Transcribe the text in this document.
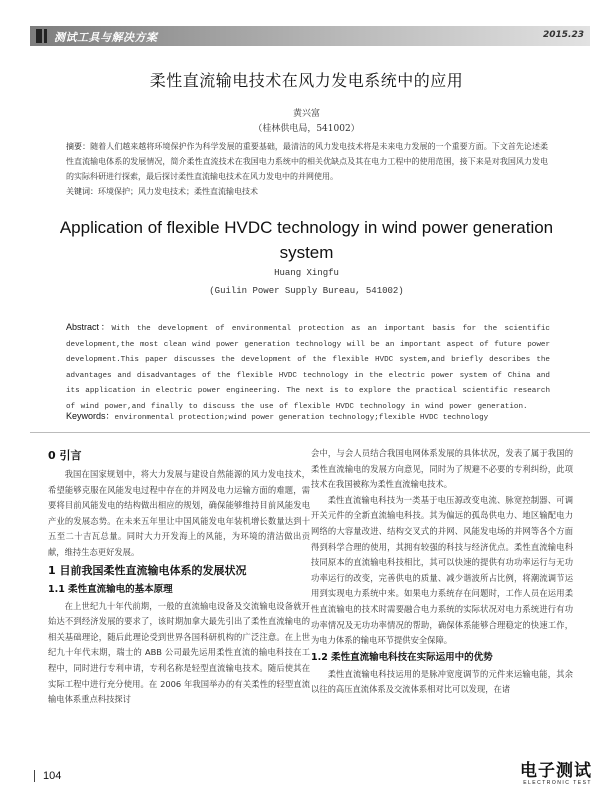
测试工具与解决方案	2015.23
柔性直流输电技术在风力发电系统中的应用
黄兴富
（桂林供电局，541002）
摘要：随着人们越来越将环境保护作为科学发展的重要基础，最清洁的风力发电技术将是未来电力发展的一个重要方面。下文首先论述柔性直流输电体系的发展情况，简介柔性直流技术在我国电力系统中的相关优缺点及其在电力工程中的使用范围，接下来是对我国风力发电的实际科研进行探索，最后探讨柔性直流输电技术在风力发电中的并网使用。
关键词：环境保护；风力发电技术；柔性直流输电技术
Application of flexible HVDC technology in wind power generation system
Huang Xingfu
(Guilin Power Supply Bureau, 541002)
Abstract：With the development of environmental protection as an important basis for the scientific development,the most clean wind power generation technology will be an important aspect of future power development.This paper discusses the development of the flexible HVDC system,and briefly describes the advantages and disadvantages of the flexible HVDC technology in the electric power system of China and its application in electric power engineering. The next is to explore the practical scientific research of wind power,and finally to discuss the use of flexible HVDC technology in wind power generation.
Keywords：environmental protection;wind power generation technology;flexible HVDC technology
0 引言

我国在国家规划中，将大力发展与建设自然能源的风力发电技术，希望能够克服在风能发电过程中存在的并网及电力运输方面的难题，需要将目前风能发电的结构做出相应的规划，确保能够维持目前风能发电产业的发展态势。在未来五年里让中国风能发电年装机增长数量达到十五至二十吉瓦总量。同时大力开发海上的风能，为环境的清洁做出贡献，维持生态更好发展。

1 目前我国柔性直流输电体系的发展状况
1.1 柔性直流输电的基本原理

在上世纪九十年代前期，一般的直流输电设备及交流输电设备就开始达不到经济发展的要求了，该时期加拿大最先引出了柔性直流输电的相关基础理论，随后此理论受到世界各国科研机构的广泛注意。在上世纪九十年代末期，瑞士的 ABB 公司最先运用柔性直流的输电科技在工程中，同时进行专利申请，专利名称是轻型直流输电技术。随后使其在实际工程中进行充分使用。在 2006 年我国举办的有关柔性的轻型直流输电体系重点科技探讨

会中，与会人员结合我国电网体系发展的具体状况，发表了属于我国的柔性直流输电的发展方向意见，同时为了规避不必要的专利纠纷，此项技术在我国被称为柔性直流输电技术。

柔性直流输电科技为一类基于电压源改变电流、脉宽控制器、可调开关元件的全新直流输电科技。其为偏远的孤岛供电力、地区输配电力网络的大容量改进、结构交叉式的并网、风能发电场的并网等各个方面得到科学合理的使用，其拥有较强的科技与经济优点。柔性直流输电科技同原本的直流输电科技相比，其可以快速的提供有功功率运行与无功功率运行的改变，完善供电的质量、减少谐波所占比例，将潮流调节运用到实现电力系统中来。如果电力系统存在问题时，工作人员在运用柔性直流输电的技术时需要融合电力系统的实际状况对电力系统进行有功功率情况及无功功率情况的帮助，确保体系能够合理稳定的快速工作，为电力体系的输电环节提供安全保障。

1.2 柔性直流输电科技在实际运用中的优势

柔性直流输电科技运用的是脉冲宽度调节的元件来运输电能，其余以往的高压直流体系及交流体系相对比可以发现，在诸

104	电子测试
ELECTRONIC TEST
